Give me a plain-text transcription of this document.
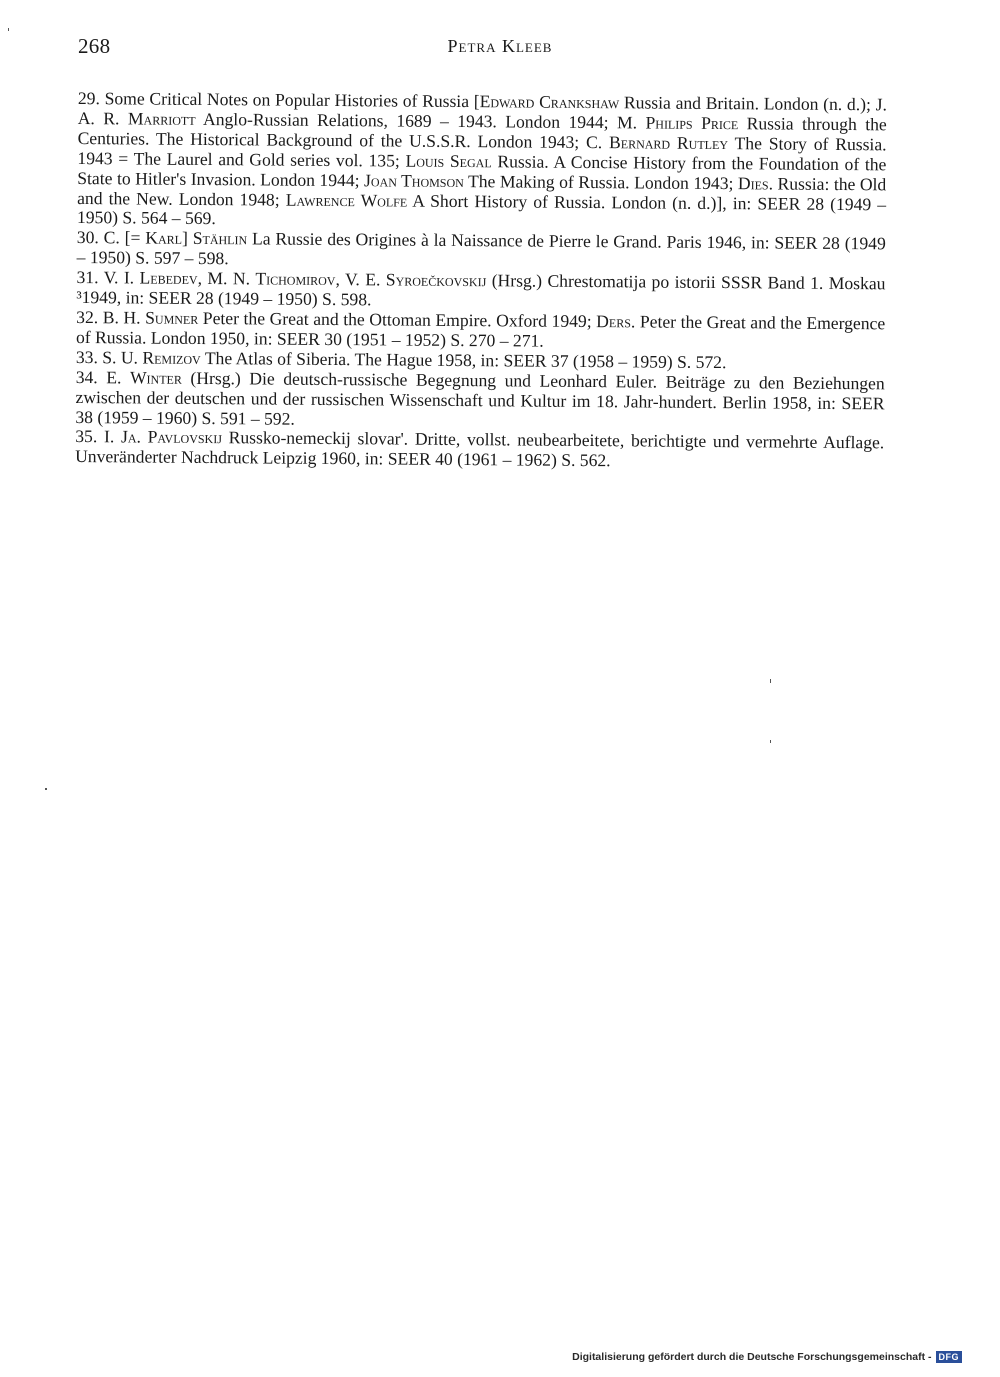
268	Petra Kleeb

29. Some Critical Notes on Popular Histories of Russia [Edward Crankshaw Russia and Britain. London (n. d.); J. A. R. Marriott Anglo-Russian Relations, 1689 – 1943. London 1944; M. Philips Price Russia through the Centuries. The Historical Background of the U.S.S.R. London 1943; C. Bernard Rutley The Story of Russia. 1943 = The Laurel and Gold series vol. 135; Louis Segal Russia. A Concise History from the Foundation of the State to Hitler's Invasion. London 1944; Joan Thomson The Making of Russia. London 1943; Dies. Russia: the Old and the New. London 1948; Lawrence Wolfe A Short History of Russia. London (n. d.)], in: SEER 28 (1949 – 1950) S. 564 – 569.

30. C. [= Karl] Stählin La Russie des Origines à la Naissance de Pierre le Grand. Paris 1946, in: SEER 28 (1949 – 1950) S. 597 – 598.

31. V. I. Lebedev, M. N. Tichomirov, V. E. Syroečkovskij (Hrsg.) Chrestomatija po istorii SSSR Band 1. Moskau ³1949, in: SEER 28 (1949 – 1950) S. 598.

32. B. H. Sumner Peter the Great and the Ottoman Empire. Oxford 1949; Ders. Peter the Great and the Emergence of Russia. London 1950, in: SEER 30 (1951 – 1952) S. 270 – 271.

33. S. U. Remizov The Atlas of Siberia. The Hague 1958, in: SEER 37 (1958 – 1959) S. 572.

34. E. Winter (Hrsg.) Die deutsch-russische Begegnung und Leonhard Euler. Beiträge zu den Beziehungen zwischen der deutschen und der russischen Wissenschaft und Kultur im 18. Jahr-hundert. Berlin 1958, in: SEER 38 (1959 – 1960) S. 591 – 592.

35. I. Ja. Pavlovskij Russko-nemeckij slovar'. Dritte, vollst. neubearbeitete, berichtigte und vermehrte Auflage. Unveränderter Nachdruck Leipzig 1960, in: SEER 40 (1961 – 1962) S. 562.

Digitalisierung gefördert durch die Deutsche Forschungsgemeinschaft - DFG
